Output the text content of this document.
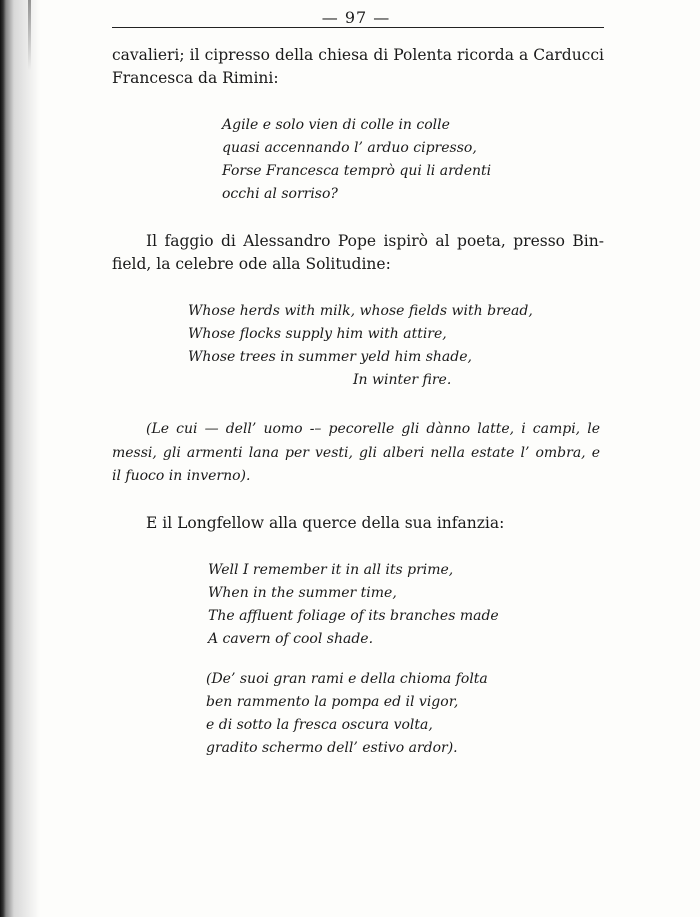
— 97 —
cavalieri; il cipresso della chiesa di Polenta ricorda a Carducci
Francesca da Rimini:
Agile e solo vien di colle in colle
quasi accennando l’ arduo cipresso,
Forse Francesca temprò qui li ardenti
occhi al sorriso?
Il faggio di Alessandro Pope ispirò al poeta, presso Bin-
field, la celebre ode alla Solitudine:
Whose herds with milk, whose fields with bread,
Whose flocks supply him with attire,
Whose trees in summer yeld him shade,
In winter fire.
(Le cui — dell’ uomo -– pecorelle gli dànno latte, i campi, le
messi, gli armenti lana per vesti, gli alberi nella estate l’ ombra, e
il fuoco in inverno).
E il Longfellow alla querce della sua infanzia:
Well I remember it in all its prime,
When in the summer time,
The affluent foliage of its branches made
A cavern of cool shade.
(De’ suoi gran rami e della chioma folta
ben rammento la pompa ed il vigor,
e di sotto la fresca oscura volta,
gradito schermo dell’ estivo ardor).
